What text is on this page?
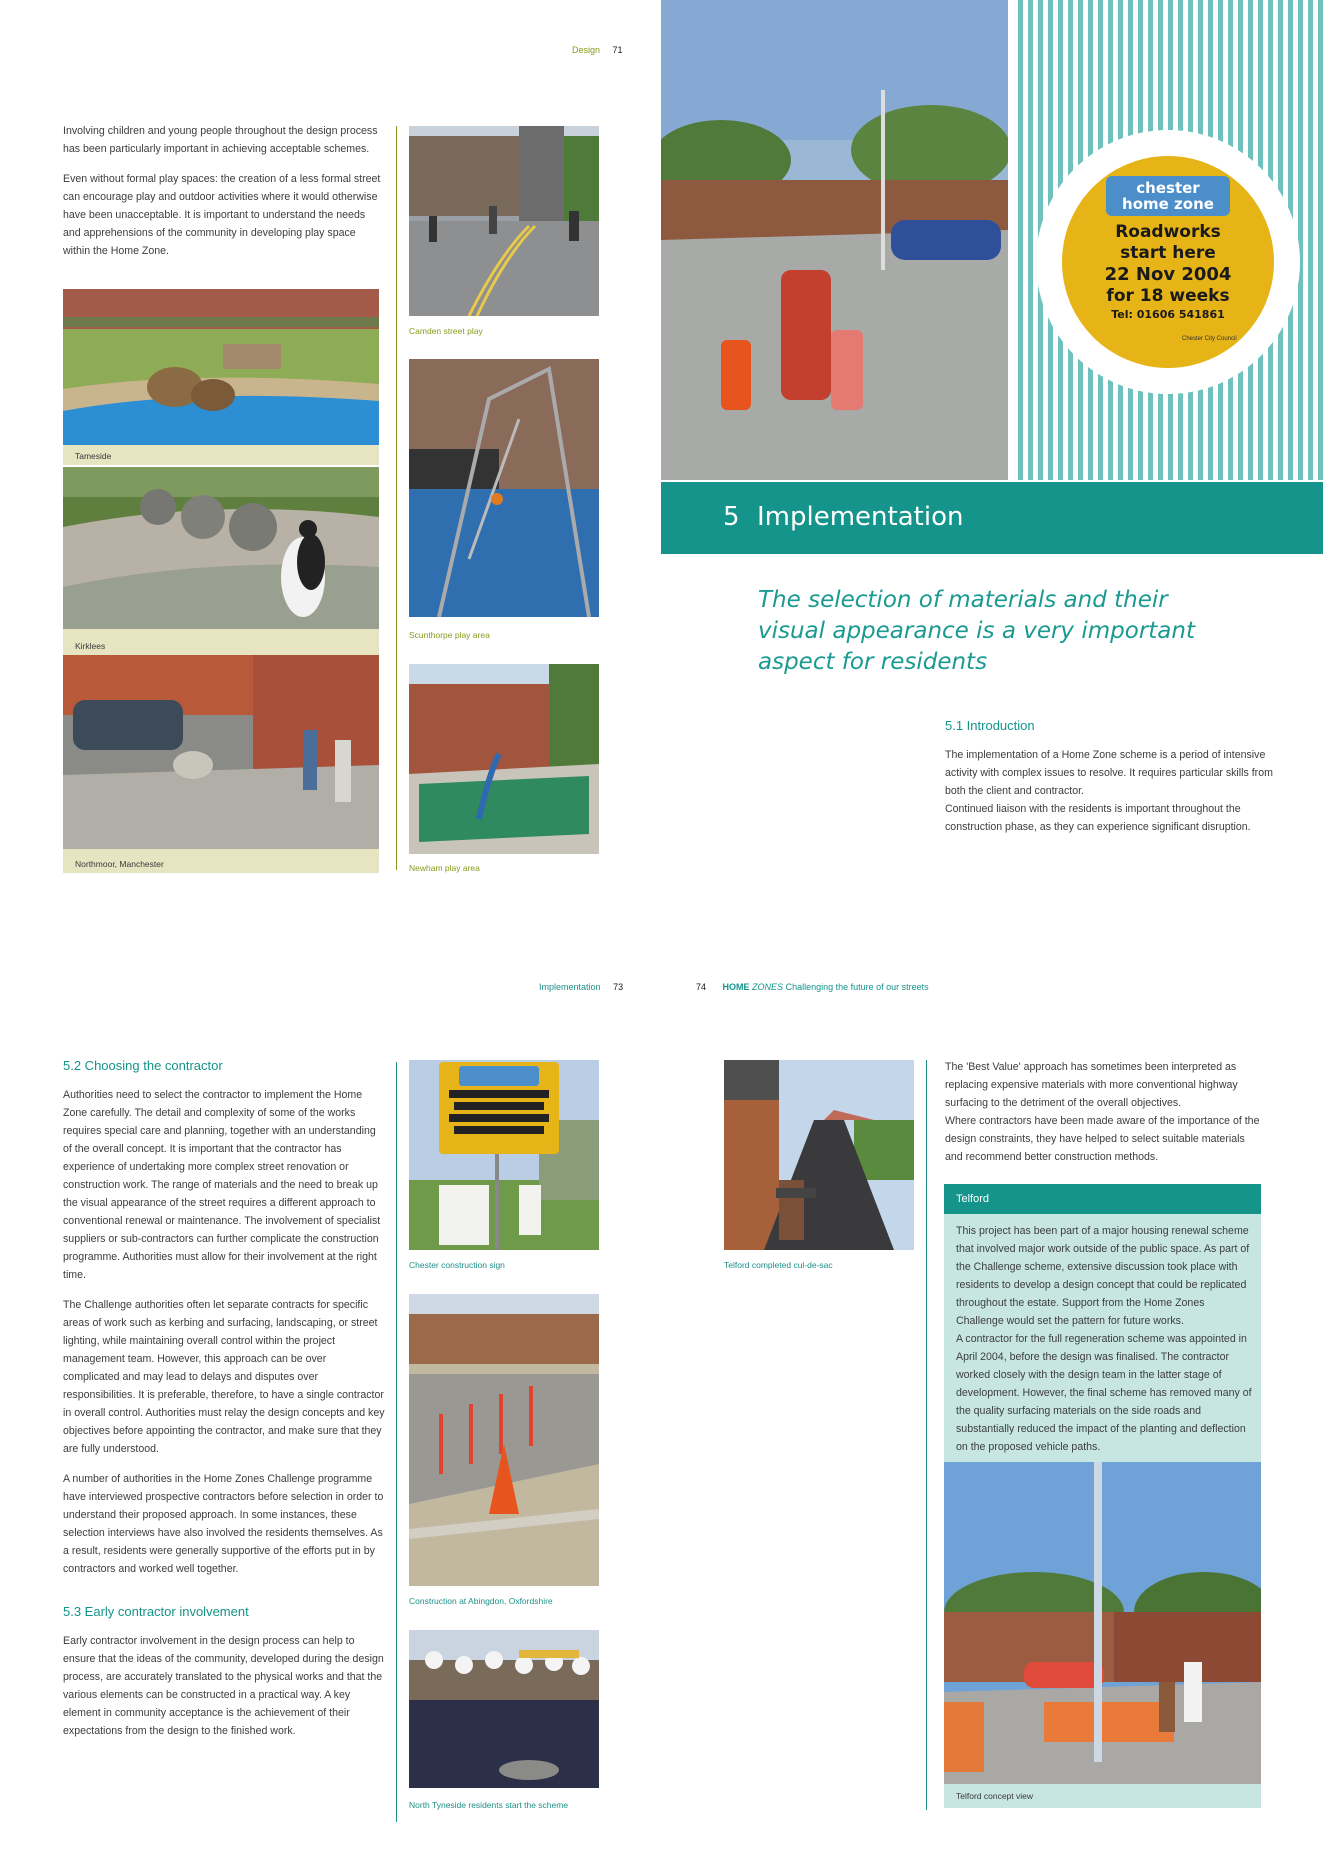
Design 71

Involving children and young people throughout the design process has been particularly important in achieving acceptable schemes.

Even without formal play spaces: the creation of a less formal street can encourage play and outdoor activities where it would otherwise have been unacceptable. It is important to understand the needs and apprehensions of the community in developing play space within the Home Zone.

Tameside
Kirklees
Northmoor, Manchester
Camden street play
Scunthorpe play area
Newham play area
chester
home zone
Roadworks
start here
22 Nov 2004
for 18 weeks
Tel: 01606 541861
Chester City Council
5 Implementation
The selection of materials and their visual appearance is a very important aspect for residents
5.1 Introduction

The implementation of a Home Zone scheme is a period of intensive activity with complex issues to resolve. It requires particular skills from both the client and contractor.

Continued liaison with the residents is important throughout the construction phase, as they can experience significant disruption.

Implementation 73
5.2 Choosing the contractor

Authorities need to select the contractor to implement the Home Zone carefully. The detail and complexity of some of the works requires special care and planning, together with an understanding of the overall concept. It is important that the contractor has experience of undertaking more complex street renovation or construction work. The range of materials and the need to break up the visual appearance of the street requires a different approach to conventional renewal or maintenance. The involvement of specialist suppliers or sub-contractors can further complicate the construction programme. Authorities must allow for their involvement at the right time.

The Challenge authorities often let separate contracts for specific areas of work such as kerbing and surfacing, landscaping, or street lighting, while maintaining overall control within the project management team. However, this approach can be over complicated and may lead to delays and disputes over responsibilities. It is preferable, therefore, to have a single contractor in overall control. Authorities must relay the design concepts and key objectives before appointing the contractor, and make sure that they are fully understood.

A number of authorities in the Home Zones Challenge programme have interviewed prospective contractors before selection in order to understand their proposed approach. In some instances, these selection interviews have also involved the residents themselves. As a result, residents were generally supportive of the efforts put in by contractors and worked well together.

5.3 Early contractor involvement

Early contractor involvement in the design process can help to ensure that the ideas of the community, developed during the design process, are accurately translated to the physical works and that the various elements can be constructed in a practical way. A key element in community acceptance is the achievement of their expectations from the design to the finished work.

Chester construction sign
Construction at Abingdon, Oxfordshire
North Tyneside residents start the scheme
74 HOME ZONES Challenging the future of our streets
Telford completed cul-de-sac

The 'Best Value' approach has sometimes been interpreted as replacing expensive materials with more conventional highway surfacing to the detriment of the overall objectives.

Where contractors have been made aware of the importance of the design constraints, they have helped to select suitable materials and recommend better construction methods.

Telford

This project has been part of a major housing renewal scheme that involved major work outside of the public space. As part of the Challenge scheme, extensive discussion took place with residents to develop a design concept that could be replicated throughout the estate. Support from the Home Zones Challenge would set the pattern for future works.

A contractor for the full regeneration scheme was appointed in April 2004, before the design was finalised. The contractor worked closely with the design team in the latter stage of development. However, the final scheme has removed many of the quality surfacing materials on the side roads and substantially reduced the impact of the planting and deflection on the proposed vehicle paths.

Telford concept view
